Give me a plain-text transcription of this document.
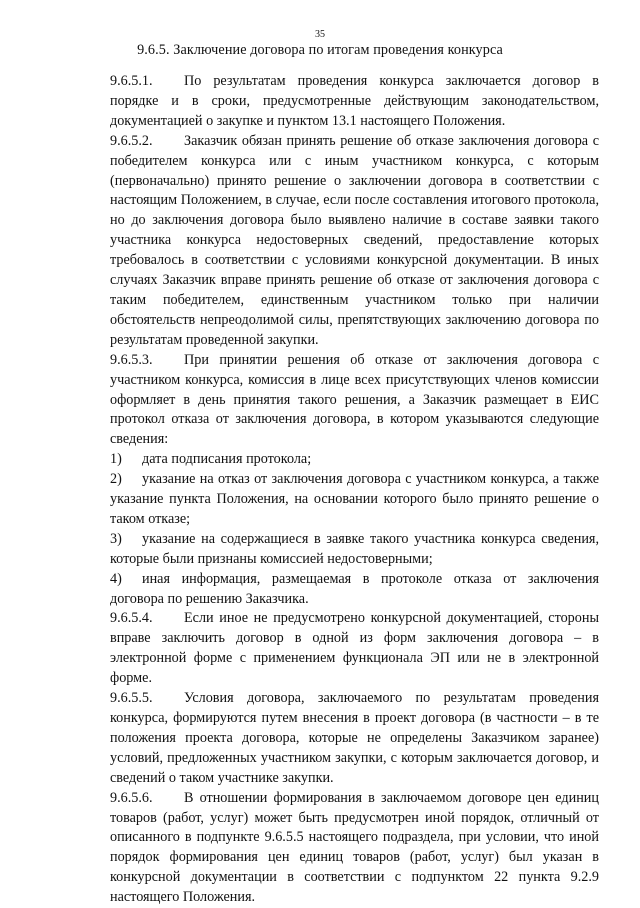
35
9.6.5. Заключение договора по итогам проведения конкурса

9.6.5.1. По результатам проведения конкурса заключается договор в порядке и в сроки, предусмотренные действующим законодательством, документацией о закупке и пунктом 13.1 настоящего Положения.

9.6.5.2. Заказчик обязан принять решение об отказе заключения договора с победителем конкурса или с иным участником конкурса, с которым (первоначально) принято решение о заключении договора в соответствии с настоящим Положением, в случае, если после составления итогового протокола, но до заключения договора было выявлено наличие в составе заявки такого участника конкурса недостоверных сведений, предоставление которых требовалось в соответствии с условиями конкурсной документации. В иных случаях Заказчик вправе принять решение об отказе от заключения договора с таким победителем, единственным участником только при наличии обстоятельств непреодолимой силы, препятствующих заключению договора по результатам проведенной закупки.

9.6.5.3. При принятии решения об отказе от заключения договора с участником конкурса, комиссия в лице всех присутствующих членов комиссии оформляет в день принятия такого решения, а Заказчик размещает в ЕИС протокол отказа от заключения договора, в котором указываются следующие сведения:

1) дата подписания протокола;

2) указание на отказ от заключения договора с участником конкурса, а также указание пункта Положения, на основании которого было принято решение о таком отказе;

3) указание на содержащиеся в заявке такого участника конкурса сведения, которые были признаны комиссией недостоверными;

4) иная информация, размещаемая в протоколе отказа от заключения договора по решению Заказчика.

9.6.5.4. Если иное не предусмотрено конкурсной документацией, стороны вправе заключить договор в одной из форм заключения договора – в электронной форме с применением функционала ЭП или не в электронной форме.

9.6.5.5. Условия договора, заключаемого по результатам проведения конкурса, формируются путем внесения в проект договора (в частности – в те положения проекта договора, которые не определены Заказчиком заранее) условий, предложенных участником закупки, с которым заключается договор, и сведений о таком участнике закупки.

9.6.5.6. В отношении формирования в заключаемом договоре цен единиц товаров (работ, услуг) может быть предусмотрен иной порядок, отличный от описанного в подпункте 9.6.5.5 настоящего подраздела, при условии, что иной порядок формирования цен единиц товаров (работ, услуг) был указан в конкурсной документации в соответствии с подпунктом 22 пункта 9.2.9 настоящего Положения.
